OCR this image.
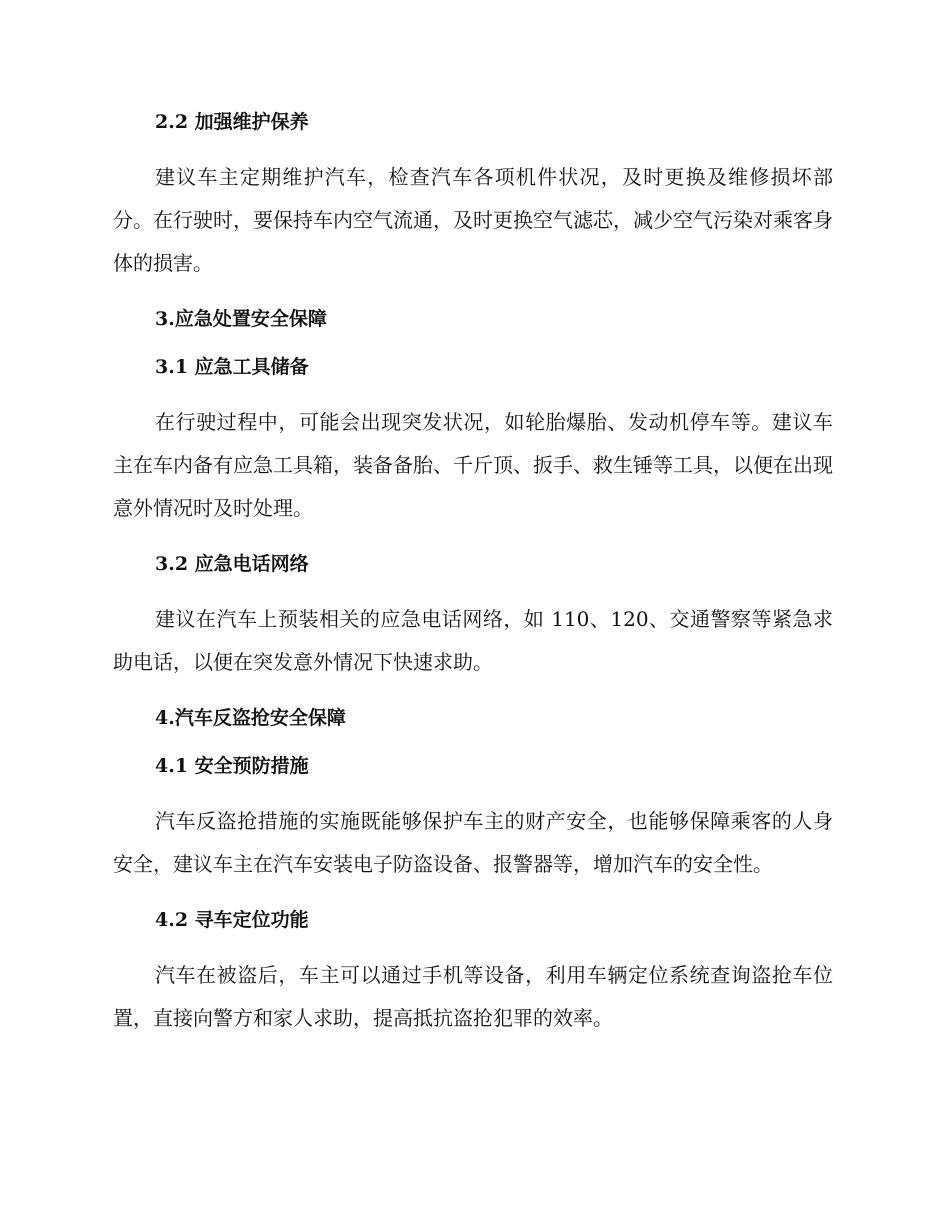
2.2 加强维护保养

建议车主定期维护汽车，检查汽车各项机件状况，及时更换及维修损坏部分。在行驶时，要保持车内空气流通，及时更换空气滤芯，减少空气污染对乘客身体的损害。

3.应急处置安全保障
3.1 应急工具储备

在行驶过程中，可能会出现突发状况，如轮胎爆胎、发动机停车等。建议车主在车内备有应急工具箱，装备备胎、千斤顶、扳手、救生锤等工具，以便在出现意外情况时及时处理。

3.2 应急电话网络

建议在汽车上预装相关的应急电话网络，如 110、120、交通警察等紧急求助电话，以便在突发意外情况下快速求助。

4.汽车反盗抢安全保障
4.1 安全预防措施

汽车反盗抢措施的实施既能够保护车主的财产安全，也能够保障乘客的人身安全，建议车主在汽车安装电子防盗设备、报警器等，增加汽车的安全性。

4.2 寻车定位功能

汽车在被盗后，车主可以通过手机等设备，利用车辆定位系统查询盗抢车位置，直接向警方和家人求助，提高抵抗盗抢犯罪的效率。
